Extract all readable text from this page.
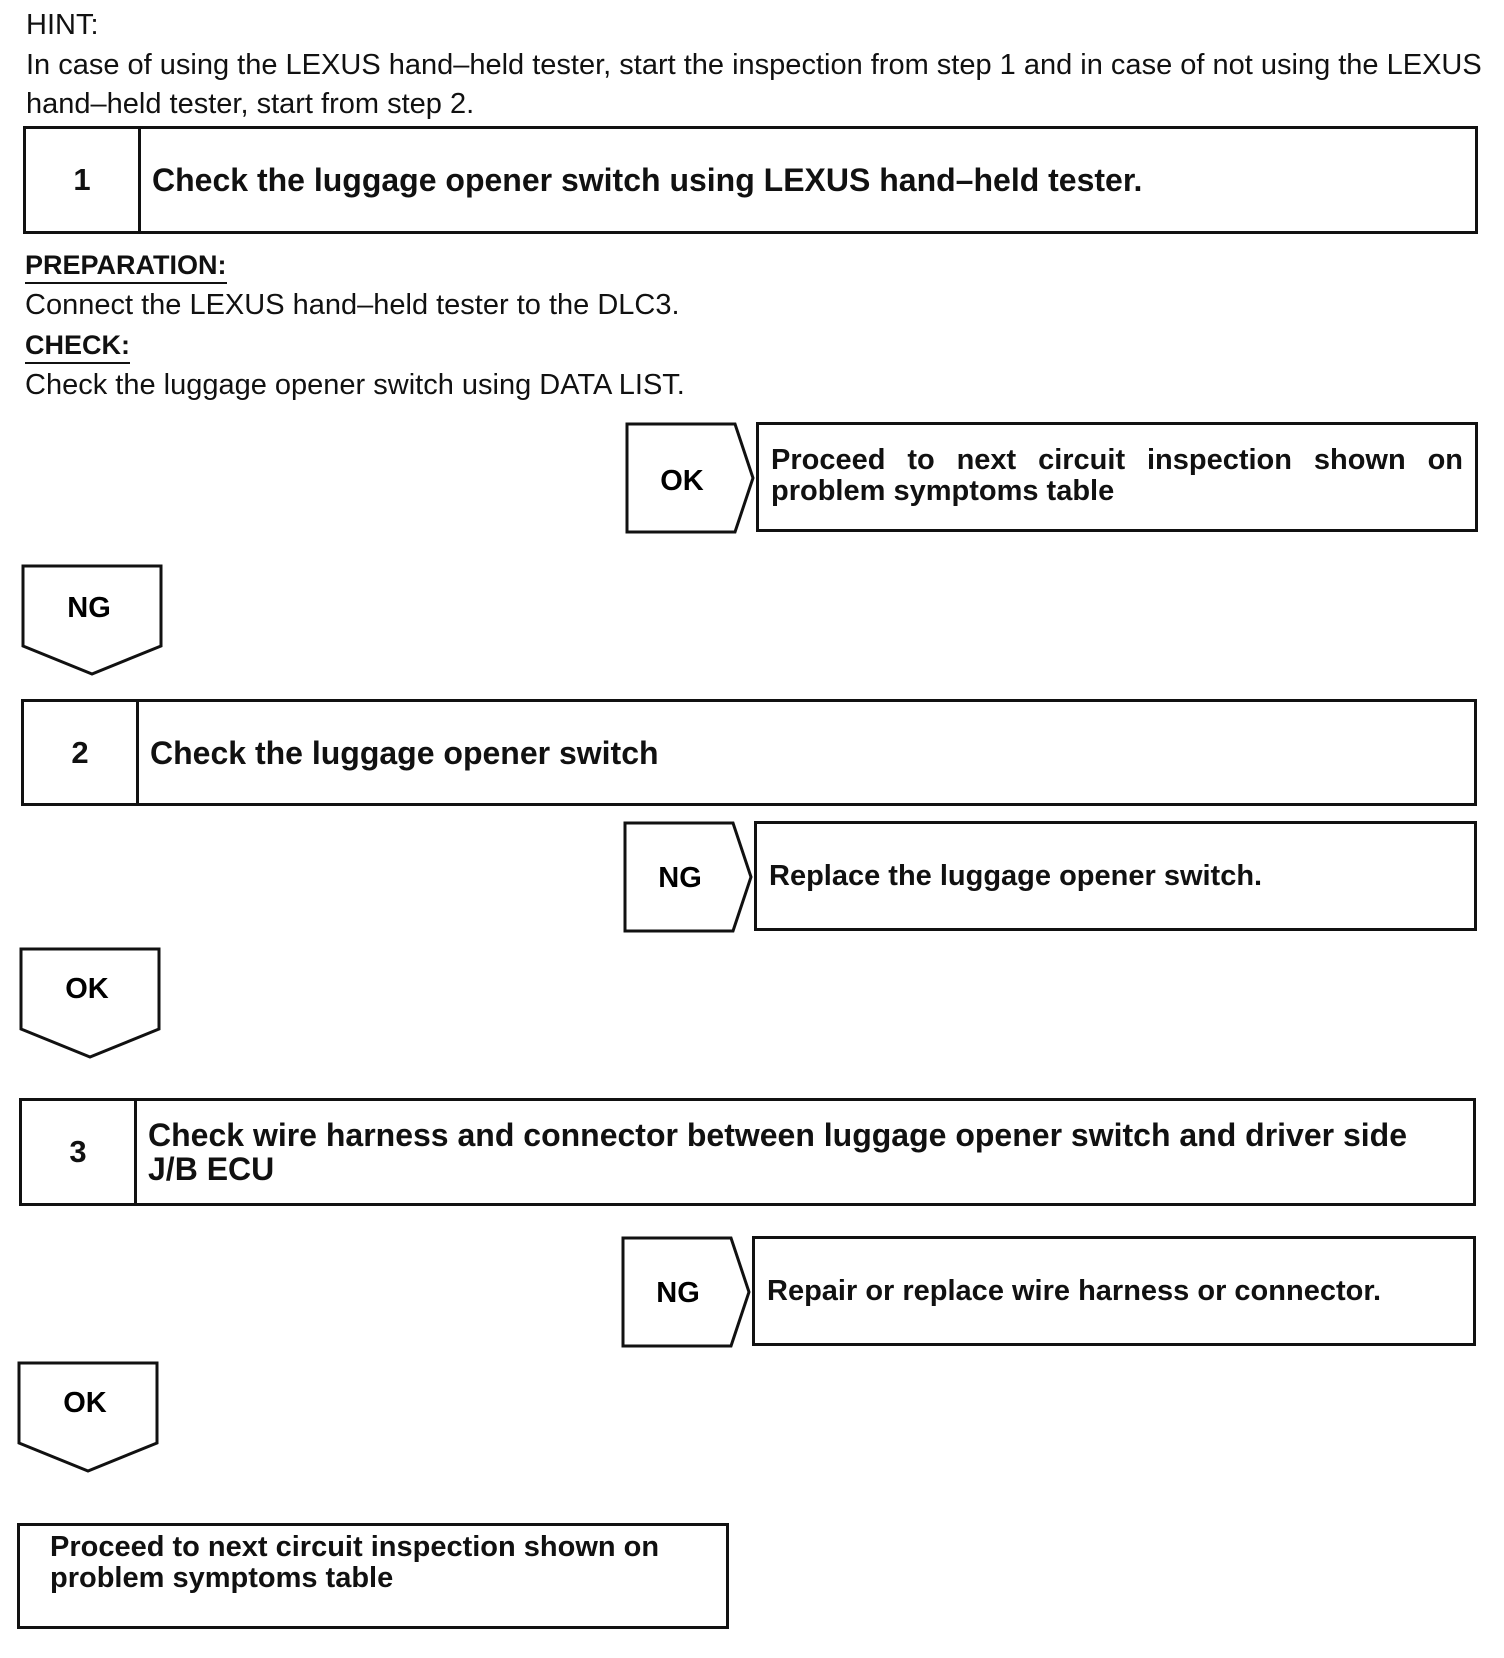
HINT:
In case of using the LEXUS hand–held tester, start the inspection from step 1 and in case of not using the LEXUS hand–held tester, start from step 2.
1	Check the luggage opener switch using LEXUS hand–held tester.
PREPARATION:
Connect the LEXUS hand–held tester to the DLC3.
CHECK:
Check the luggage opener switch using DATA LIST.
OK
Proceed to next circuit inspection shown on problem symptoms table
NG
2	Check the luggage opener switch
NG Replace the luggage opener switch.
OK
3	Check wire harness and connector between luggage opener switch and driver side J/B ECU
NG Repair or replace wire harness or connector.
OK
Proceed to next circuit inspection shown on problem symptoms table
